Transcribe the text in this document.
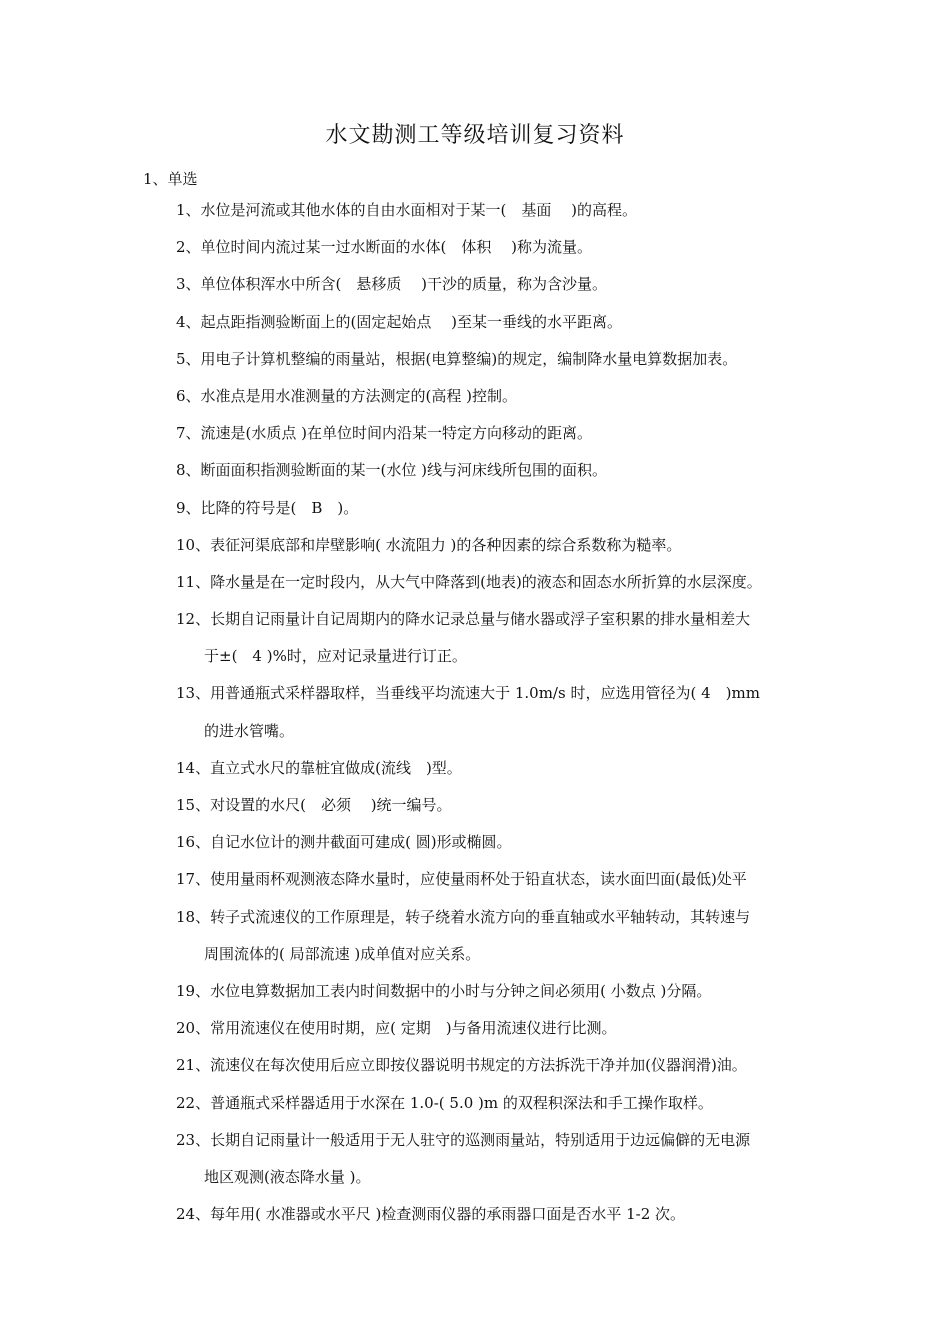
水文勘测工等级培训复习资料
1、单选
1、水位是河流或其他水体的自由水面相对于某一(　基面　 )的高程。
2、单位时间内流过某一过水断面的水体(　体积　 )称为流量。
3、单位体积浑水中所含(　悬移质　 )干沙的质量，称为含沙量。
4、起点距指测验断面上的(固定起始点　 )至某一垂线的水平距离。
5、用电子计算机整编的雨量站，根据(电算整编)的规定，编制降水量电算数据加表。
6、水准点是用水准测量的方法测定的(高程 )控制。
7、流速是(水质点 )在单位时间内沿某一特定方向移动的距离。
8、断面面积指测验断面的某一(水位 )线与河床线所包围的面积。
9、比降的符号是(　B　)。
10、表征河渠底部和岸壁影响( 水流阻力 )的各种因素的综合系数称为糙率。
11、降水量是在一定时段内，从大气中降落到(地表)的液态和固态水所折算的水层深度。
12、长期自记雨量计自记周期内的降水记录总量与储水器或浮子室积累的排水量相差大
于±(　4 )%时，应对记录量进行订正。
13、用普通瓶式采样器取样，当垂线平均流速大于 1.0m/s 时，应选用管径为( 4　)mm
的进水管嘴。
14、直立式水尺的靠桩宜做成(流线　)型。
15、对设置的水尺(　必须　 )统一编号。
16、自记水位计的测井截面可建成( 圆)形或椭圆。
17、使用量雨杯观测液态降水量时，应使量雨杯处于铅直状态，读水面凹面(最低)处平
18、转子式流速仪的工作原理是，转子绕着水流方向的垂直轴或水平轴转动，其转速与
周围流体的( 局部流速 )成单值对应关系。
19、水位电算数据加工表内时间数据中的小时与分钟之间必须用( 小数点 )分隔。
20、常用流速仪在使用时期，应( 定期　)与备用流速仪进行比测。
21、流速仪在每次使用后应立即按仪器说明书规定的方法拆洗干净并加(仪器润滑)油。
22、普通瓶式采样器适用于水深在 1.0-( 5.0 )m 的双程积深法和手工操作取样。
23、长期自记雨量计一般适用于无人驻守的巡测雨量站，特别适用于边远偏僻的无电源
地区观测(液态降水量 )。
24、每年用( 水准器或水平尺 )检查测雨仪器的承雨器口面是否水平 1-2 次。
